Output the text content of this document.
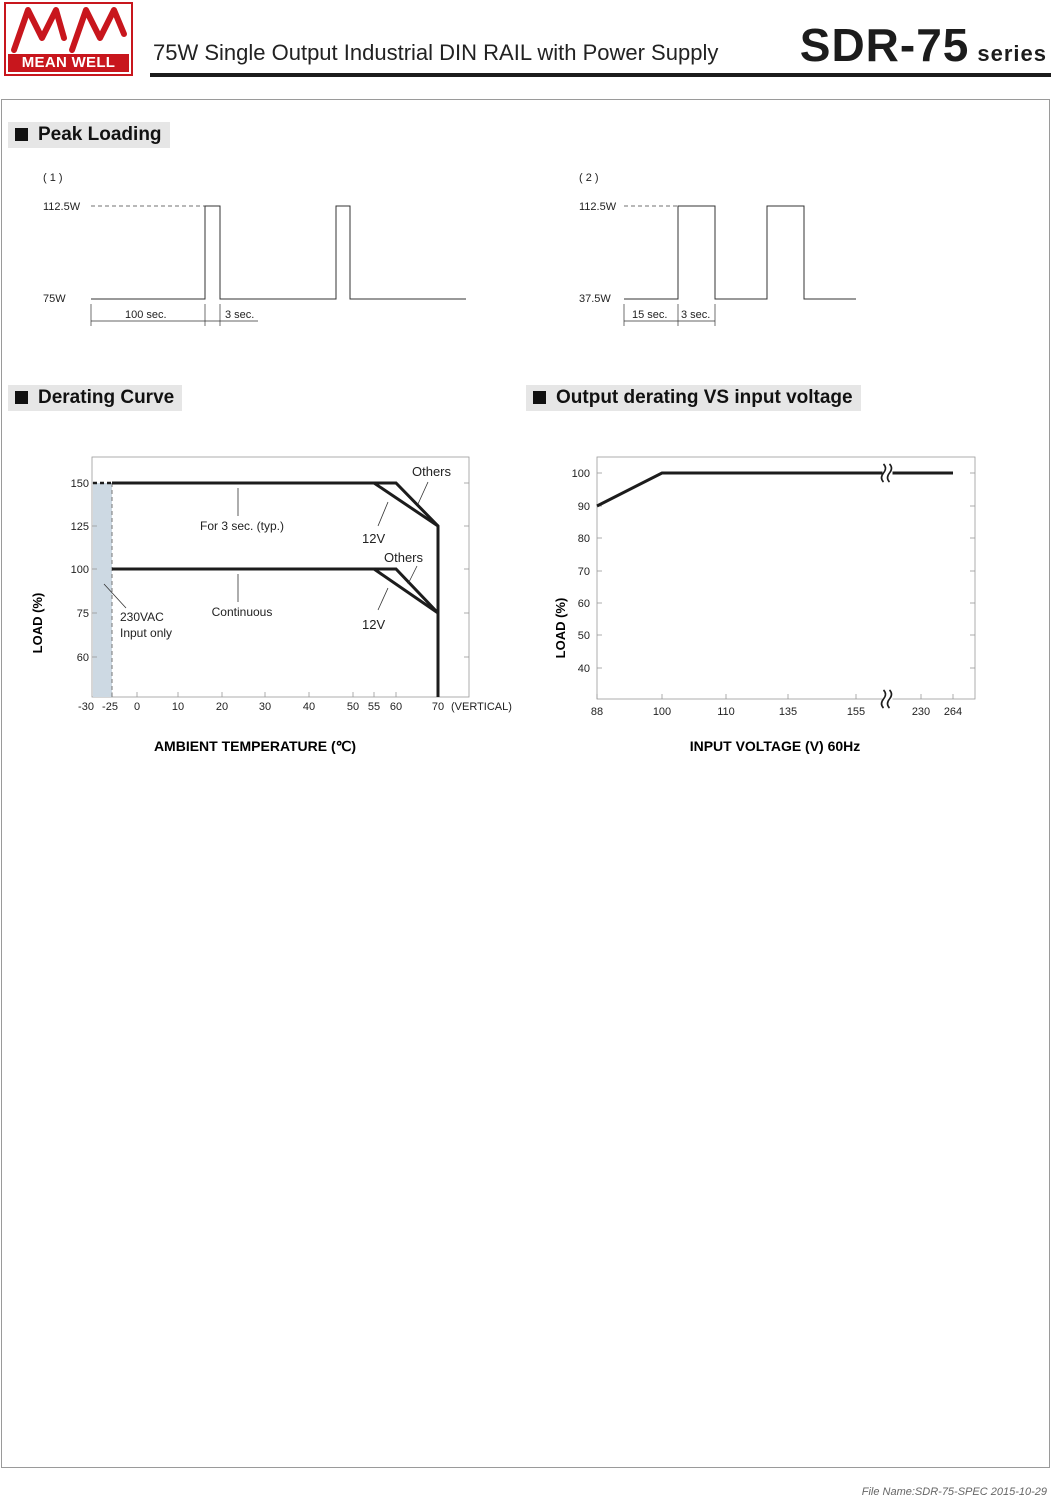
MEAN WELL	75W Single Output Industrial DIN RAIL with Power Supply SDR-75 series
Peak Loading
Derating Curve	Output derating VS input voltage
( 1 )
112.5W
75W
100 sec.	3 sec.
( 2 )
112.5W
37.5W
15 sec. 3 sec.
150
125
100
75
60
-30 -25 0	10	20	30	40	50 55 60	70 (VERTICAL)
For 3 sec. (typ.)
Continuous
Others
12V
Others
12V
230VAC
Input only
LOAD (%)
AMBIENT TEMPERATURE (℃)
100
90
80
70
60
50
40
88	100	110	135	155	230 264
LOAD (%)
INPUT VOLTAGE (V) 60Hz
File Name:SDR-75-SPEC 2015-10-29
